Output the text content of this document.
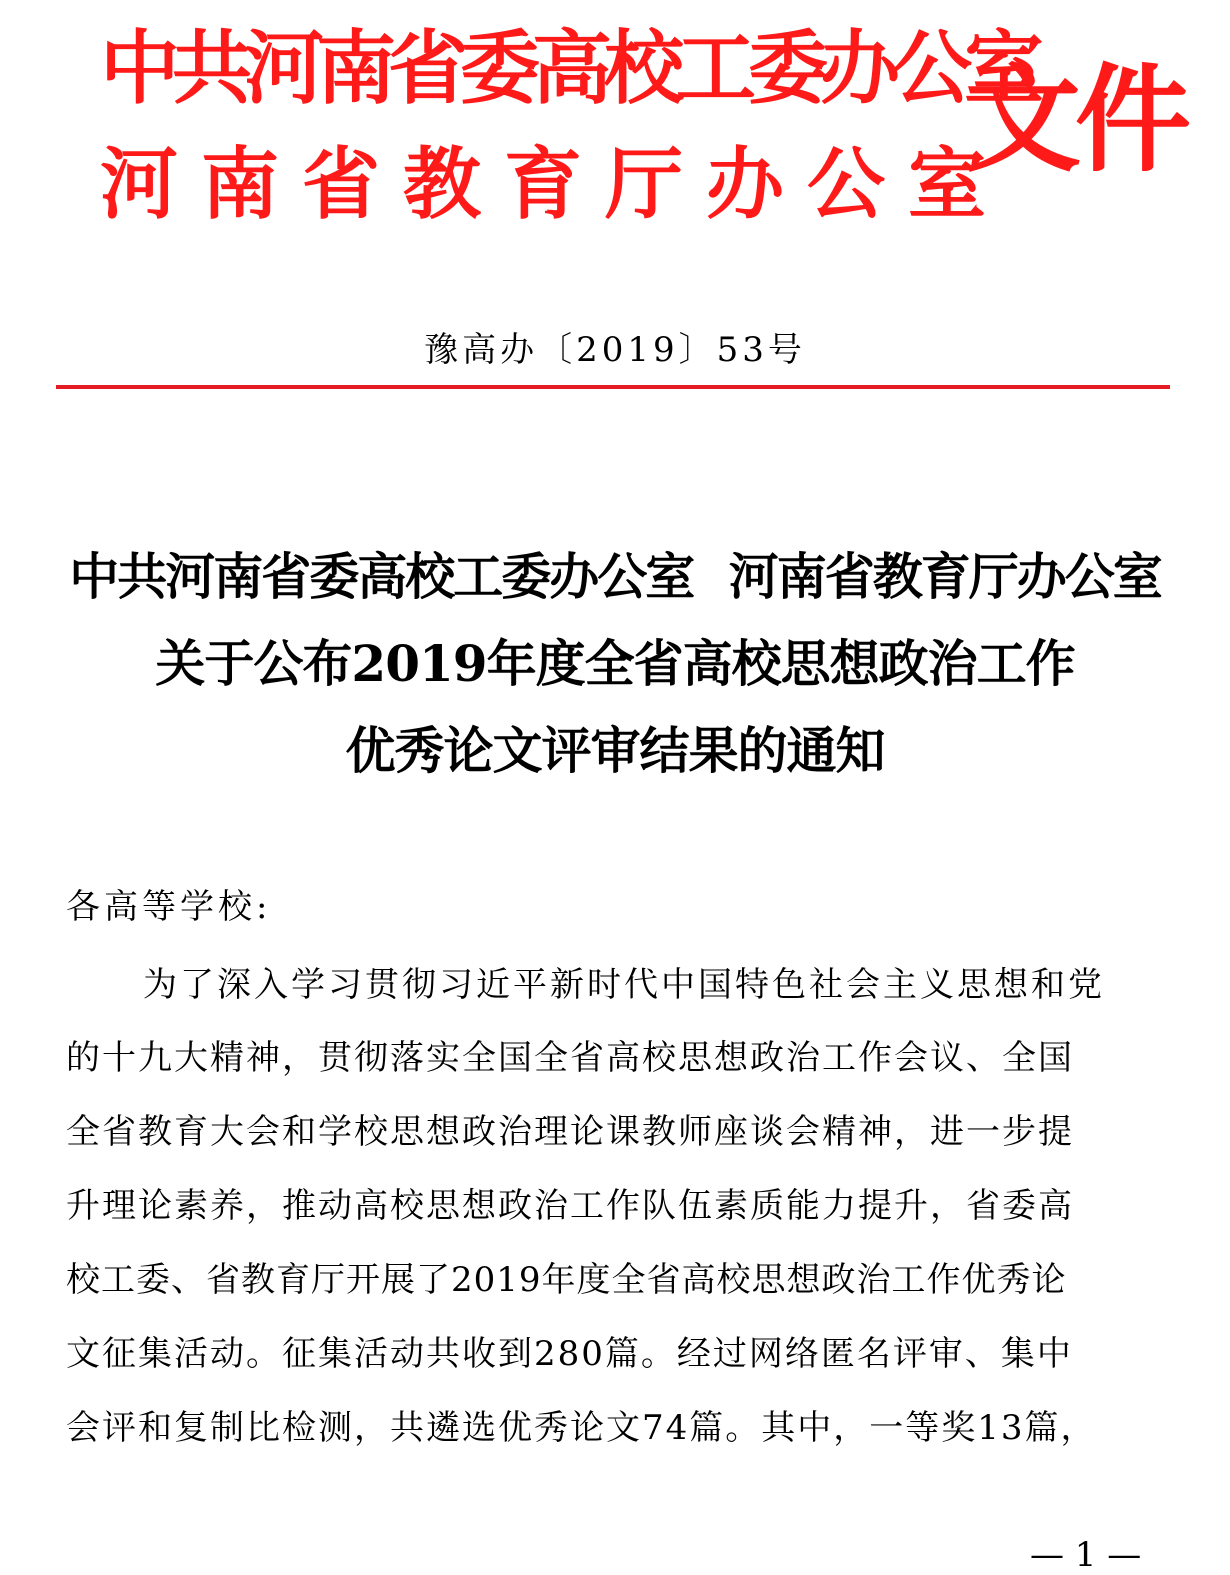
中共河南省委高校工委办公室
河南省教育厅办公室
文件
豫高办〔2019〕53号
中共河南省委高校工委办公室 河南省教育厅办公室
关于公布2019年度全省高校思想政治工作
优秀论文评审结果的通知
各高等学校:
为了深入学习贯彻习近平新时代中国特色社会主义思想和党
的十九大精神，贯彻落实全国全省高校思想政治工作会议、全国
全省教育大会和学校思想政治理论课教师座谈会精神，进一步提
升理论素养，推动高校思想政治工作队伍素质能力提升，省委高
校工委、省教育厅开展了2019年度全省高校思想政治工作优秀论
文征集活动。征集活动共收到280篇。经过网络匿名评审、集中
会评和复制比检测，共遴选优秀论文74篇。其中，一等奖13篇，
— 1 —
